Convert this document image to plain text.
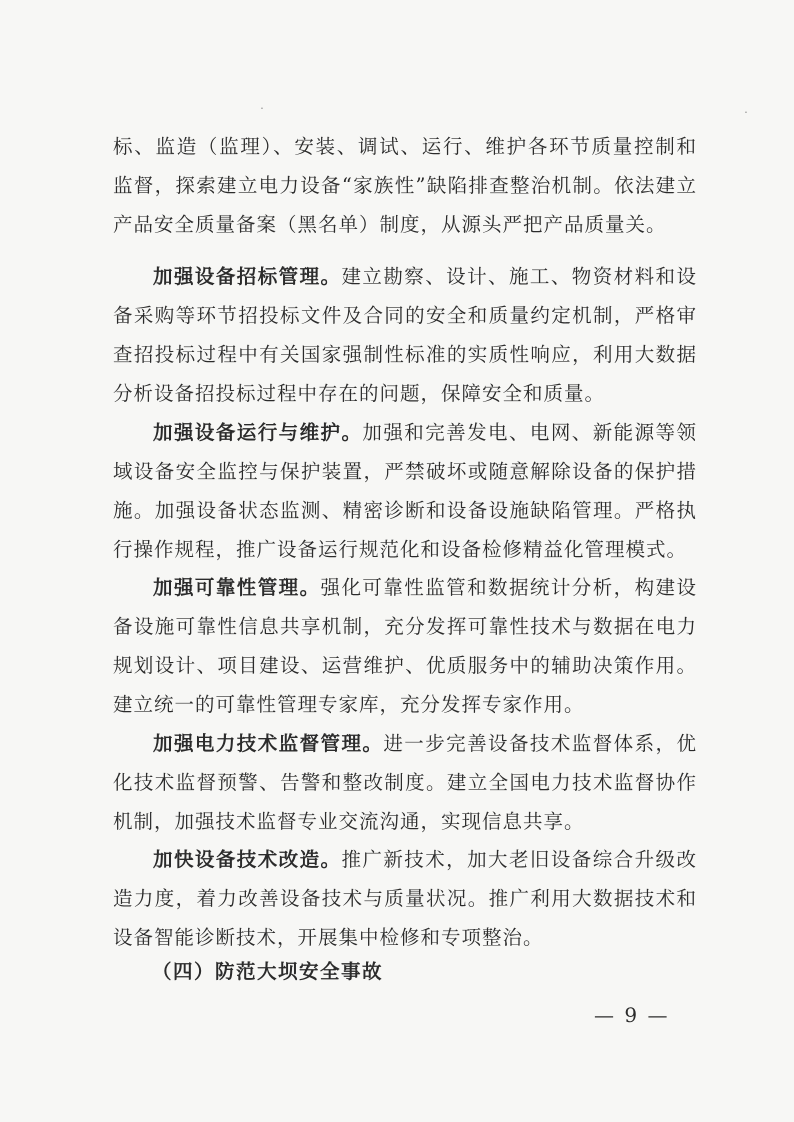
᠂	᠂

标、监造（监理）、安装、调试、运行、维护各环节质量控制和监督，探索建立电力设备“家族性”缺陷排查整治机制。依法建立产品安全质量备案（黑名单）制度，从源头严把产品质量关。

加强设备招标管理。建立勘察、设计、施工、物资材料和设备采购等环节招投标文件及合同的安全和质量约定机制，严格审查招投标过程中有关国家强制性标准的实质性响应，利用大数据分析设备招投标过程中存在的问题，保障安全和质量。

加强设备运行与维护。加强和完善发电、电网、新能源等领域设备安全监控与保护装置，严禁破坏或随意解除设备的保护措施。加强设备状态监测、精密诊断和设备设施缺陷管理。严格执行操作规程，推广设备运行规范化和设备检修精益化管理模式。

加强可靠性管理。强化可靠性监管和数据统计分析，构建设备设施可靠性信息共享机制，充分发挥可靠性技术与数据在电力规划设计、项目建设、运营维护、优质服务中的辅助决策作用。建立统一的可靠性管理专家库，充分发挥专家作用。

加强电力技术监督管理。进一步完善设备技术监督体系，优化技术监督预警、告警和整改制度。建立全国电力技术监督协作机制，加强技术监督专业交流沟通，实现信息共享。

加快设备技术改造。推广新技术，加大老旧设备综合升级改造力度，着力改善设备技术与质量状况。推广利用大数据技术和设备智能诊断技术，开展集中检修和专项整治。

（四）防范大坝安全事故
— 9 —
